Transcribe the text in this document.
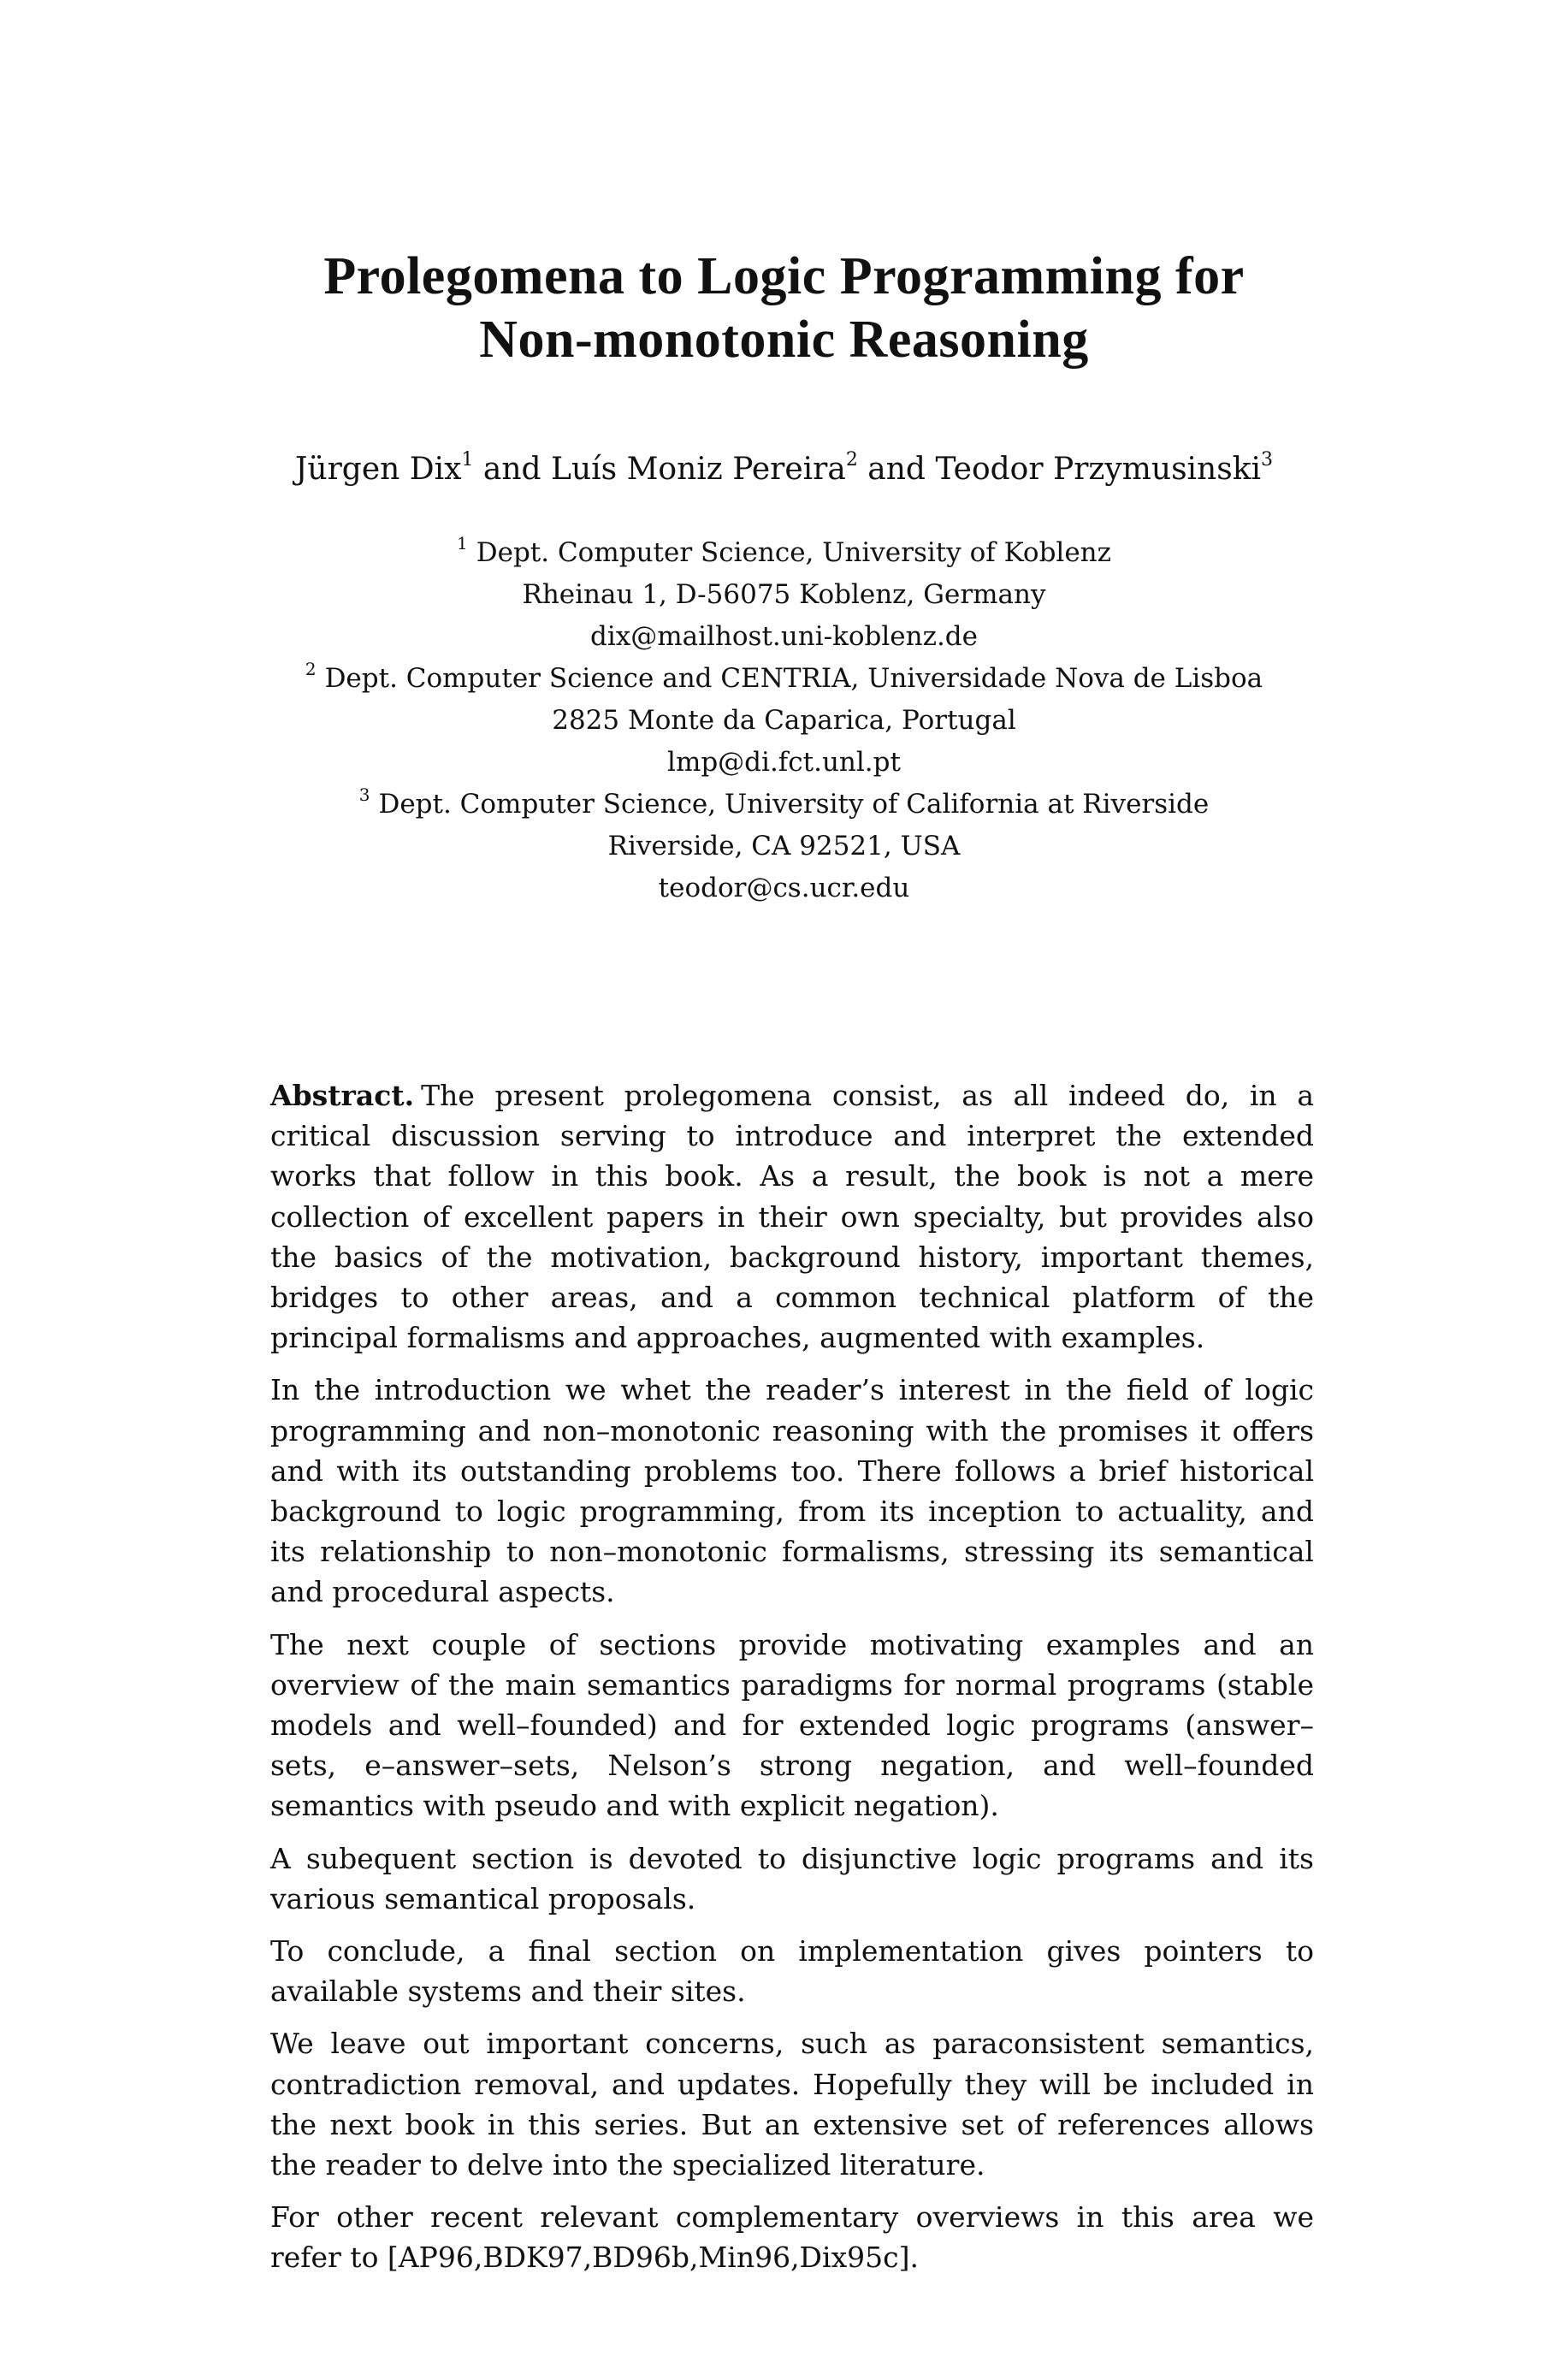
Prolegomena to Logic Programming for
Non-monotonic Reasoning
Jürgen Dix$^1$ and Luís Moniz Pereira$^2$ and Teodor Przymusinski$^3$
$^1$ Dept. Computer Science, University of Koblenz
Rheinau 1, D-56075 Koblenz, Germany
dix@mailhost.uni-koblenz.de
$^2$ Dept. Computer Science and CENTRIA, Universidade Nova de Lisboa
2825 Monte da Caparica, Portugal
lmp@di.fct.unl.pt
$^3$ Dept. Computer Science, University of California at Riverside
Riverside, CA 92521, USA
teodor@cs.ucr.edu

Abstract. The present prolegomena consist, as all indeed do, in a critical discussion serving to introduce and interpret the extended works that follow in this book. As a result, the book is not a mere collection of excellent papers in their own specialty, but provides also the basics of the motivation, background history, important themes, bridges to other areas, and a common technical platform of the principal formalisms and approaches, augmented with examples.

In the introduction we whet the reader’s interest in the field of logic programming and non–monotonic reasoning with the promises it offers and with its outstanding problems too. There follows a brief historical background to logic programming, from its inception to actuality, and its relationship to non–monotonic formalisms, stressing its semantical and procedural aspects.

The next couple of sections provide motivating examples and an overview of the main semantics paradigms for normal programs (stable models and well–founded) and for extended logic programs (answer–sets, e–answer–sets, Nelson’s strong negation, and well–founded semantics with pseudo and with explicit negation).

A subequent section is devoted to disjunctive logic programs and its various semantical proposals.

To conclude, a final section on implementation gives pointers to available systems and their sites.

We leave out important concerns, such as paraconsistent semantics, contradiction removal, and updates. Hopefully they will be included in the next book in this series. But an extensive set of references allows the reader to delve into the specialized literature.

For other recent relevant complementary overviews in this area we refer to [AP96,BDK97,BD96b,Min96,Dix95c].
